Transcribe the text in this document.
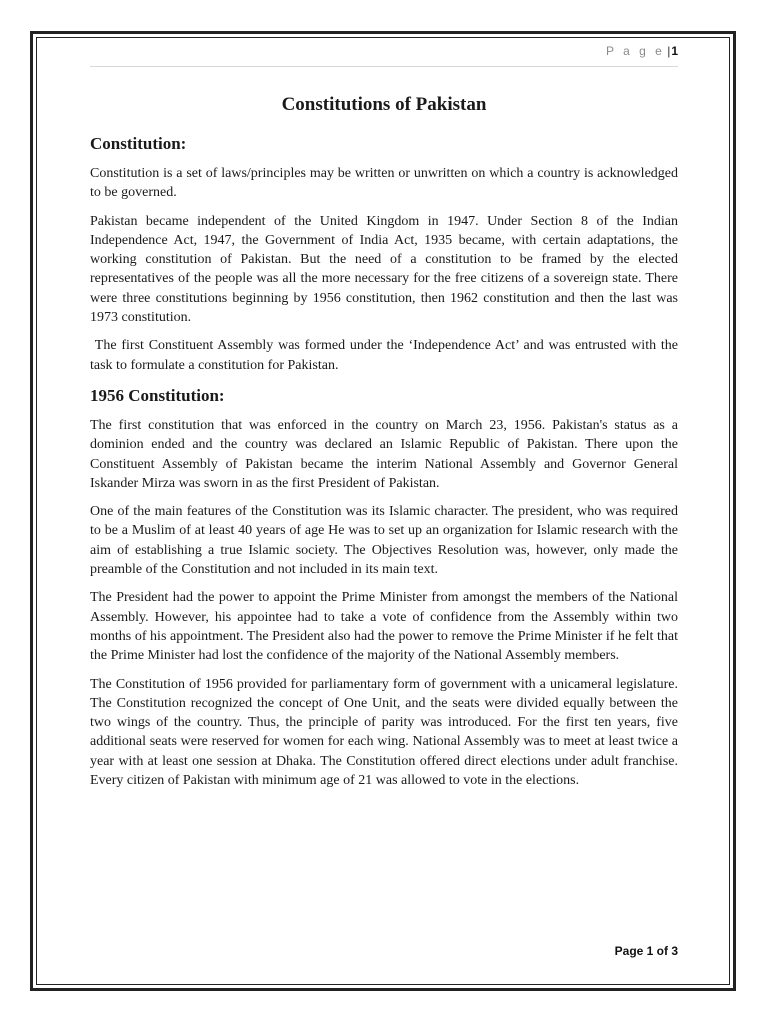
P a g e |1
Constitutions of Pakistan
Constitution:

Constitution is a set of laws/principles may be written or unwritten on which a country is acknowledged to be governed.

Pakistan became independent of the United Kingdom in 1947. Under Section 8 of the Indian Independence Act, 1947, the Government of India Act, 1935 became, with certain adaptations, the working constitution of Pakistan. But the need of a constitution to be framed by the elected representatives of the people was all the more necessary for the free citizens of a sovereign state. There were three constitutions beginning by 1956 constitution, then 1962 constitution and then the last was 1973 constitution.

The first Constituent Assembly was formed under the ‘Independence Act’ and was entrusted with the task to formulate a constitution for Pakistan.

1956 Constitution:

The first constitution that was enforced in the country on March 23, 1956. Pakistan's status as a dominion ended and the country was declared an Islamic Republic of Pakistan. There upon the Constituent Assembly of Pakistan became the interim National Assembly and Governor General Iskander Mirza was sworn in as the first President of Pakistan.

One of the main features of the Constitution was its Islamic character. The president, who was required to be a Muslim of at least 40 years of age He was to set up an organization for Islamic research with the aim of establishing a true Islamic society. The Objectives Resolution was, however, only made the preamble of the Constitution and not included in its main text.

The President had the power to appoint the Prime Minister from amongst the members of the National Assembly. However, his appointee had to take a vote of confidence from the Assembly within two months of his appointment. The President also had the power to remove the Prime Minister if he felt that the Prime Minister had lost the confidence of the majority of the National Assembly members.

The Constitution of 1956 provided for parliamentary form of government with a unicameral legislature. The Constitution recognized the concept of One Unit, and the seats were divided equally between the two wings of the country. Thus, the principle of parity was introduced. For the first ten years, five additional seats were reserved for women for each wing. National Assembly was to meet at least twice a year with at least one session at Dhaka. The Constitution offered direct elections under adult franchise. Every citizen of Pakistan with minimum age of 21 was allowed to vote in the elections.

Page 1 of 3
